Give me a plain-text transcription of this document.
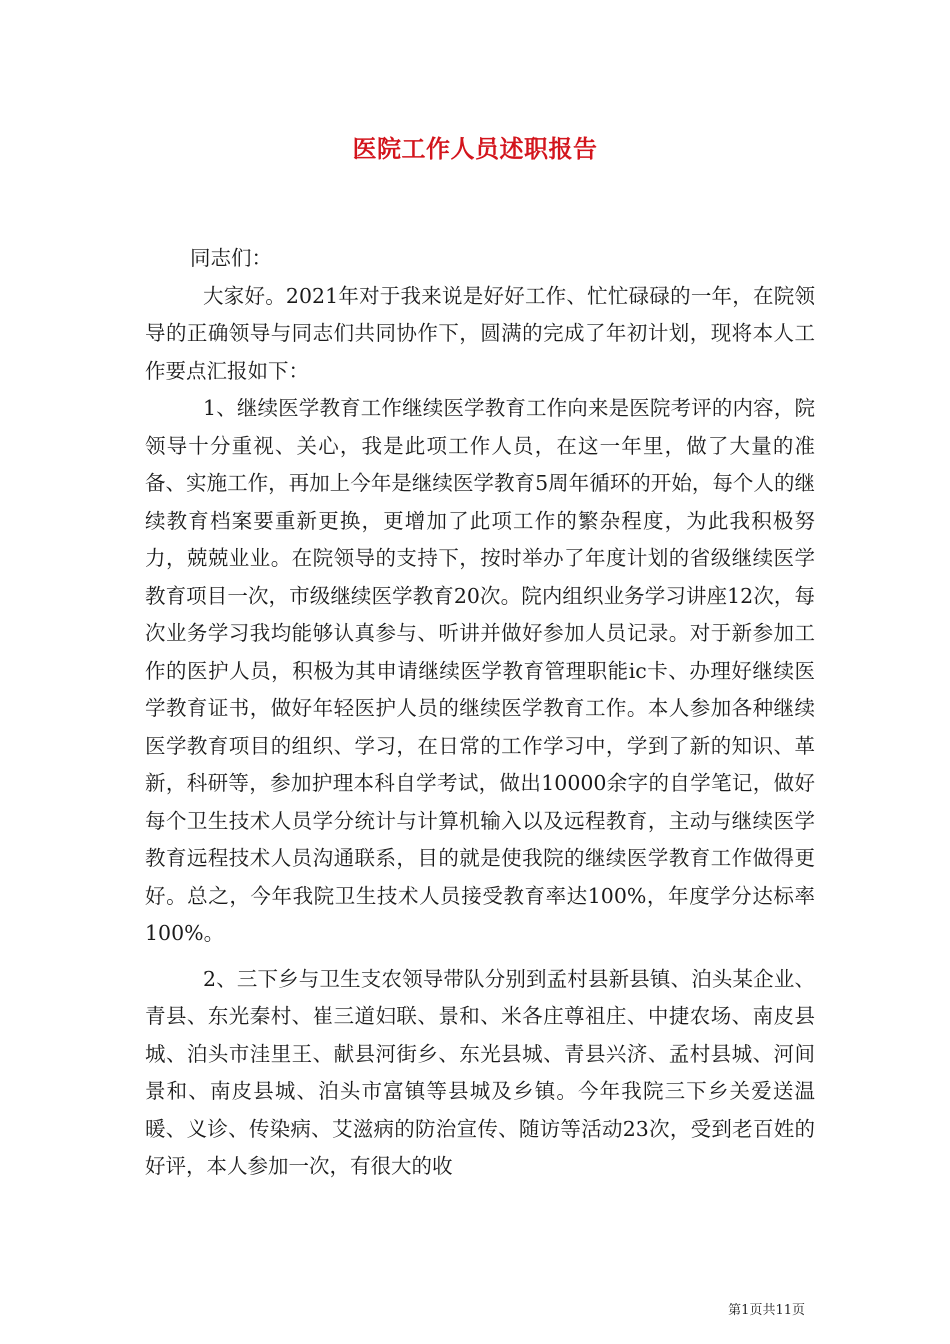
医院工作人员述职报告

同志们：

大家好。2021年对于我来说是好好工作、忙忙碌碌的一年，在院领导的正确领导与同志们共同协作下，圆满的完成了年初计划，现将本人工作要点汇报如下：

1、继续医学教育工作继续医学教育工作向来是医院考评的内容，院领导十分重视、关心，我是此项工作人员，在这一年里，做了大量的准备、实施工作，再加上今年是继续医学教育5周年循环的开始，每个人的继续教育档案要重新更换，更增加了此项工作的繁杂程度，为此我积极努力，兢兢业业。在院领导的支持下，按时举办了年度计划的省级继续医学教育项目一次，市级继续医学教育20次。院内组织业务学习讲座12次，每次业务学习我均能够认真参与、听讲并做好参加人员记录。对于新参加工作的医护人员，积极为其申请继续医学教育管理职能ic卡、办理好继续医学教育证书，做好年轻医护人员的继续医学教育工作。本人参加各种继续医学教育项目的组织、学习，在日常的工作学习中，学到了新的知识、革新，科研等，参加护理本科自学考试，做出10000余字的自学笔记，做好每个卫生技术人员学分统计与计算机输入以及远程教育，主动与继续医学教育远程技术人员沟通联系，目的就是使我院的继续医学教育工作做得更好。总之，今年我院卫生技术人员接受教育率达100%，年度学分达标率100%。

2、三下乡与卫生支农领导带队分别到孟村县新县镇、泊头某企业、青县、东光秦村、崔三道妇联、景和、米各庄尊祖庄、中捷农场、南皮县城、泊头市洼里王、献县河街乡、东光县城、青县兴济、孟村县城、河间景和、南皮县城、泊头市富镇等县城及乡镇。今年我院三下乡关爱送温暖、义诊、传染病、艾滋病的防治宣传、随访等活动23次，受到老百姓的好评，本人参加一次，有很大的收

第1页共11页
